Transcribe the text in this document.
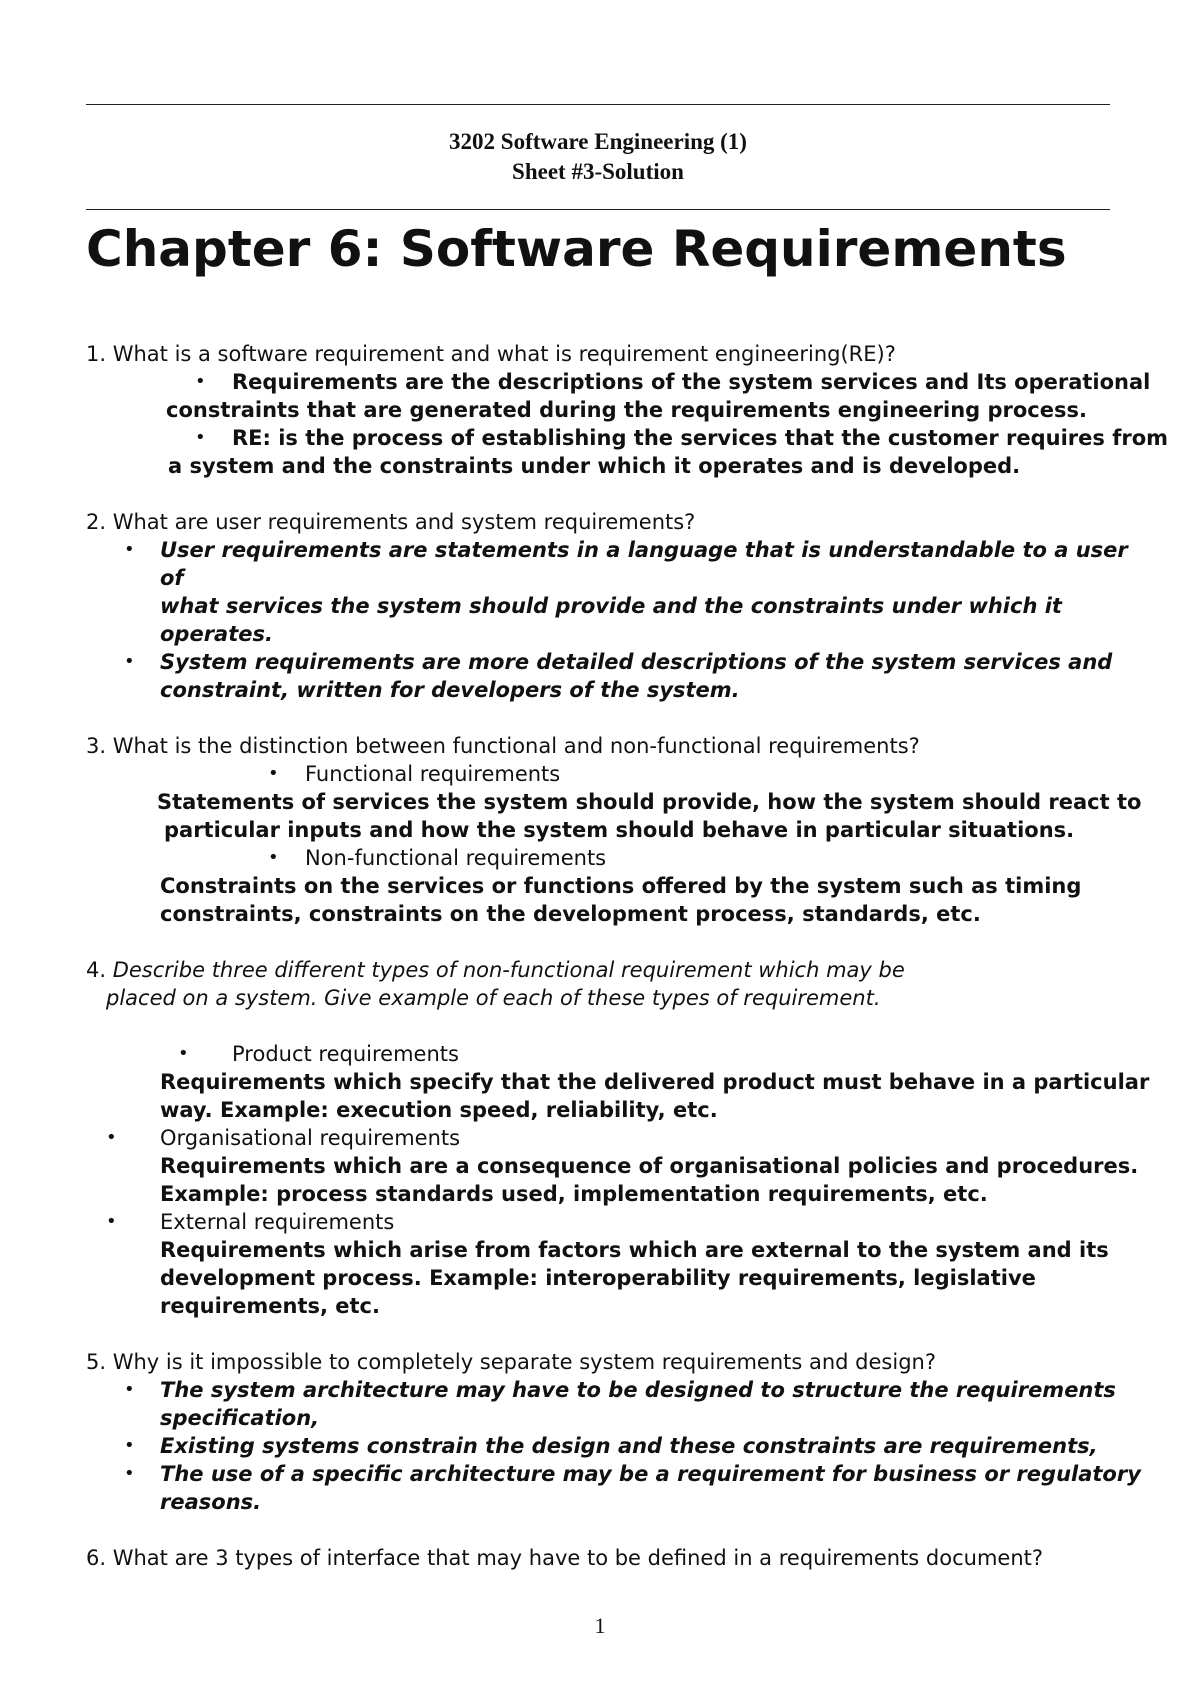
3202 Software Engineering (1)
Sheet #3-Solution
Chapter 6: Software Requirements
1. What is a software requirement and what is requirement engineering(RE)?
• Requirements are the descriptions of the system services and Its operational
constraints that are generated during the requirements engineering process.
• RE: is the process of establishing the services that the customer requires from
a system and the constraints under which it operates and is developed.
2. What are user requirements and system requirements?
• User requirements are statements in a language that is understandable to a user
of
what services the system should provide and the constraints under which it
operates.
• System requirements are more detailed descriptions of the system services and
constraint, written for developers of the system.
3. What is the distinction between functional and non-functional requirements?
• Functional requirements
Statements of services the system should provide, how the system should react to
particular inputs and how the system should behave in particular situations.
• Non-functional requirements
Constraints on the services or functions offered by the system such as timing
constraints, constraints on the development process, standards, etc.
4. Describe three different types of non-functional requirement which may be
placed on a system. Give example of each of these types of requirement.
• Product requirements
Requirements which specify that the delivered product must behave in a particular
way. Example: execution speed, reliability, etc.
• Organisational requirements
Requirements which are a consequence of organisational policies and procedures.
Example: process standards used, implementation requirements, etc.
• External requirements
Requirements which arise from factors which are external to the system and its
development process. Example: interoperability requirements, legislative
requirements, etc.
5. Why is it impossible to completely separate system requirements and design?
• The system architecture may have to be designed to structure the requirements
specification,
• Existing systems constrain the design and these constraints are requirements,
• The use of a specific architecture may be a requirement for business or regulatory
reasons.
6. What are 3 types of interface that may have to be defined in a requirements document?
1
